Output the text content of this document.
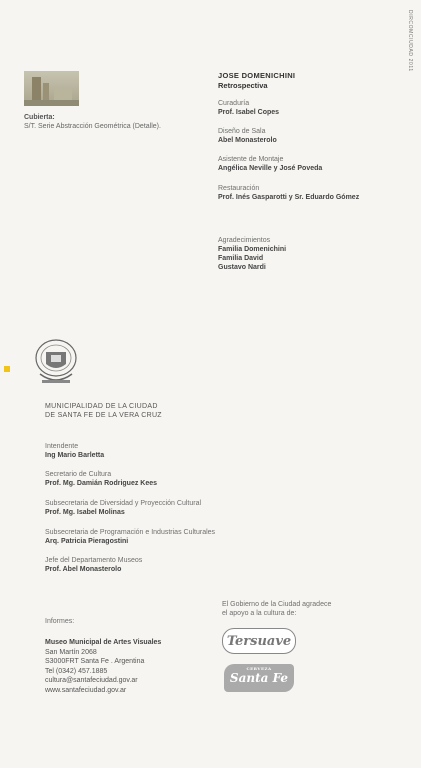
DIRCOMCIUDAD 2011
Cubierta:
S/T. Serie Abstracción Geométrica (Detalle).
JOSE DOMENICHINI
Retrospectiva
Curaduría
Prof. Isabel Copes
Diseño de Sala
Abel Monasterolo
Asistente de Montaje
Angélica Neville y José Poveda
Restauración
Prof. Inés Gasparotti y Sr. Eduardo Gómez
Agradecimientos
Familia Domenichini
Familia David
Gustavo Nardi
MUNICIPALIDAD DE LA CIUDAD
DE SANTA FE DE LA VERA CRUZ
Intendente
Ing Mario Barletta
Secretario de Cultura
Prof. Mg. Damián Rodriguez Kees
Subsecretaria de Diversidad y Proyección Cultural
Prof. Mg. Isabel Molinas
Subsecretaria de Programación e Industrias Culturales
Arq. Patricia Pieragostini
Jefe del Departamento Museos
Prof. Abel Monasterolo
Informes:
Museo Municipal de Artes Visuales
San Martín 2068
S3000FRT Santa Fe . Argentina
Tel (0342) 457.1885
cultura@santafeciudad.gov.ar
www.santafeciudad.gov.ar
El Gobierno de la Ciudad agradece
el apoyo a la cultura de:
Tersuave
CERVEZA
Santa Fe
